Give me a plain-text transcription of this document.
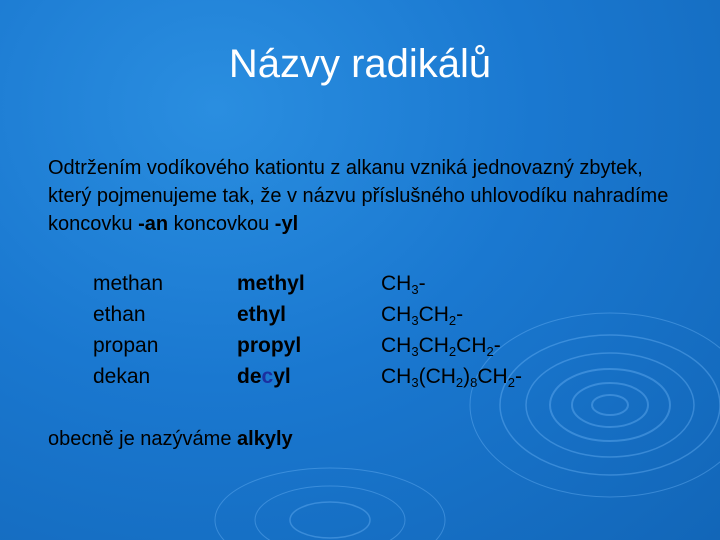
Názvy radikálů
Odtržením vodíkového kationtu z alkanu vzniká jednovazný zbytek, který pojmenujeme tak, že v názvu příslušného uhlovodíku nahradíme koncovku -an koncovkou -yl
methan
ethan
propan
dekan
methyl
ethyl
propyl
decyl
$CH_3-$
$CH_3CH_2-$
$CH_3CH_2CH_2-$
$CH_3(CH_2)_8CH_2-$
obecně je nazýváme alkyly
